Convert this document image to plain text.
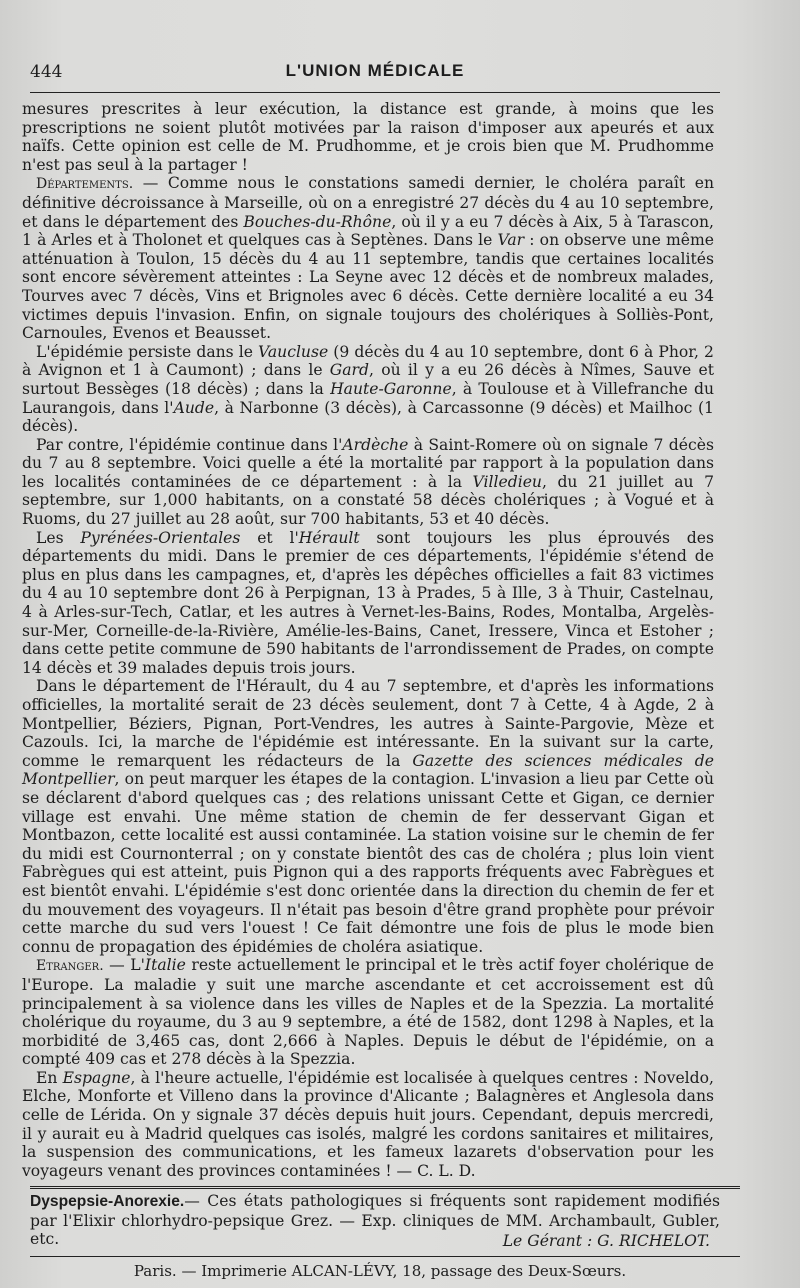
444	L'UNION MÉDICALE

mesures prescrites à leur exécution, la distance est grande, à moins que les prescriptions ne soient plutôt motivées par la raison d'imposer aux apeurés et aux naïfs. Cette opinion est celle de M. Prudhomme, et je crois bien que M. Prudhomme n'est pas seul à la partager !

Départements. — Comme nous le constations samedi dernier, le choléra paraît en définitive décroissance à Marseille, où on a enregistré 27 décès du 4 au 10 septembre, et dans le département des Bouches-du-Rhône, où il y a eu 7 décès à Aix, 5 à Tarascon, 1 à Arles et à Tholonet et quelques cas à Septènes. Dans le Var : on observe une même atténuation à Toulon, 15 décès du 4 au 11 septembre, tandis que certaines localités sont encore sévèrement atteintes : La Seyne avec 12 décès et de nombreux malades, Tourves avec 7 décès, Vins et Brignoles avec 6 décès. Cette dernière localité a eu 34 victimes depuis l'invasion. Enfin, on signale toujours des cholériques à Solliès-Pont, Carnoules, Evenos et Beausset.

L'épidémie persiste dans le Vaucluse (9 décès du 4 au 10 septembre, dont 6 à Phor, 2 à Avignon et 1 à Caumont) ; dans le Gard, où il y a eu 26 décès à Nîmes, Sauve et surtout Bessèges (18 décès) ; dans la Haute-Garonne, à Toulouse et à Villefranche du Laurangois, dans l'Aude, à Narbonne (3 décès), à Carcassonne (9 décès) et Mailhoc (1 décès).

Par contre, l'épidémie continue dans l'Ardèche à Saint-Romere où on signale 7 décès du 7 au 8 septembre. Voici quelle a été la mortalité par rapport à la population dans les localités contaminées de ce département : à la Villedieu, du 21 juillet au 7 septembre, sur 1,000 habitants, on a constaté 58 décès cholériques ; à Vogué et à Ruoms, du 27 juillet au 28 août, sur 700 habitants, 53 et 40 décès.

Les Pyrénées-Orientales et l'Hérault sont toujours les plus éprouvés des départements du midi. Dans le premier de ces départements, l'épidémie s'étend de plus en plus dans les campagnes, et, d'après les dépêches officielles a fait 83 victimes du 4 au 10 septembre dont 26 à Perpignan, 13 à Prades, 5 à Ille, 3 à Thuir, Castelnau, 4 à Arles-sur-Tech, Catlar, et les autres à Vernet-les-Bains, Rodes, Montalba, Argelès-sur-Mer, Corneille-de-la-Rivière, Amélie-les-Bains, Canet, Iressere, Vinca et Estoher ; dans cette petite commune de 590 habitants de l'arrondissement de Prades, on compte 14 décès et 39 malades depuis trois jours.

Dans le département de l'Hérault, du 4 au 7 septembre, et d'après les informations officielles, la mortalité serait de 23 décès seulement, dont 7 à Cette, 4 à Agde, 2 à Montpellier, Béziers, Pignan, Port-Vendres, les autres à Sainte-Pargovie, Mèze et Cazouls. Ici, la marche de l'épidémie est intéressante. En la suivant sur la carte, comme le remarquent les rédacteurs de la Gazette des sciences médicales de Montpellier, on peut marquer les étapes de la contagion. L'invasion a lieu par Cette où se déclarent d'abord quelques cas ; des relations unissant Cette et Gigan, ce dernier village est envahi. Une même station de chemin de fer desservant Gigan et Montbazon, cette localité est aussi contaminée. La station voisine sur le chemin de fer du midi est Cournonterral ; on y constate bientôt des cas de choléra ; plus loin vient Fabrègues qui est atteint, puis Pignon qui a des rapports fréquents avec Fabrègues et est bientôt envahi. L'épidémie s'est donc orientée dans la direction du chemin de fer et du mouvement des voyageurs. Il n'était pas besoin d'être grand prophète pour prévoir cette marche du sud vers l'ouest ! Ce fait démontre une fois de plus le mode bien connu de propagation des épidémies de choléra asiatique.

Etranger. — L'Italie reste actuellement le principal et le très actif foyer cholérique de l'Europe. La maladie y suit une marche ascendante et cet accroissement est dû principalement à sa violence dans les villes de Naples et de la Spezzia. La mortalité cholérique du royaume, du 3 au 9 septembre, a été de 1582, dont 1298 à Naples, et la morbidité de 3,465 cas, dont 2,666 à Naples. Depuis le début de l'épidémie, on a compté 409 cas et 278 décès à la Spezzia.

En Espagne, à l'heure actuelle, l'épidémie est localisée à quelques centres : Noveldo, Elche, Monforte et Villeno dans la province d'Alicante ; Balagnères et Anglesola dans celle de Lérida. On y signale 37 décès depuis huit jours. Cependant, depuis mercredi, il y aurait eu à Madrid quelques cas isolés, malgré les cordons sanitaires et militaires, la suspension des communications, et les fameux lazarets d'observation pour les voyageurs venant des provinces contaminées ! — C. L. D.

Dyspepsie-Anorexie.— Ces états pathologiques si fréquents sont rapidement modifiés par l'Elixir chlorhydro-pepsique Grez. — Exp. cliniques de MM. Archambault, Gubler, etc.	Le Gérant : G. RICHELOT.
Paris. — Imprimerie ALCAN-LÉVY, 18, passage des Deux-Sœurs.
